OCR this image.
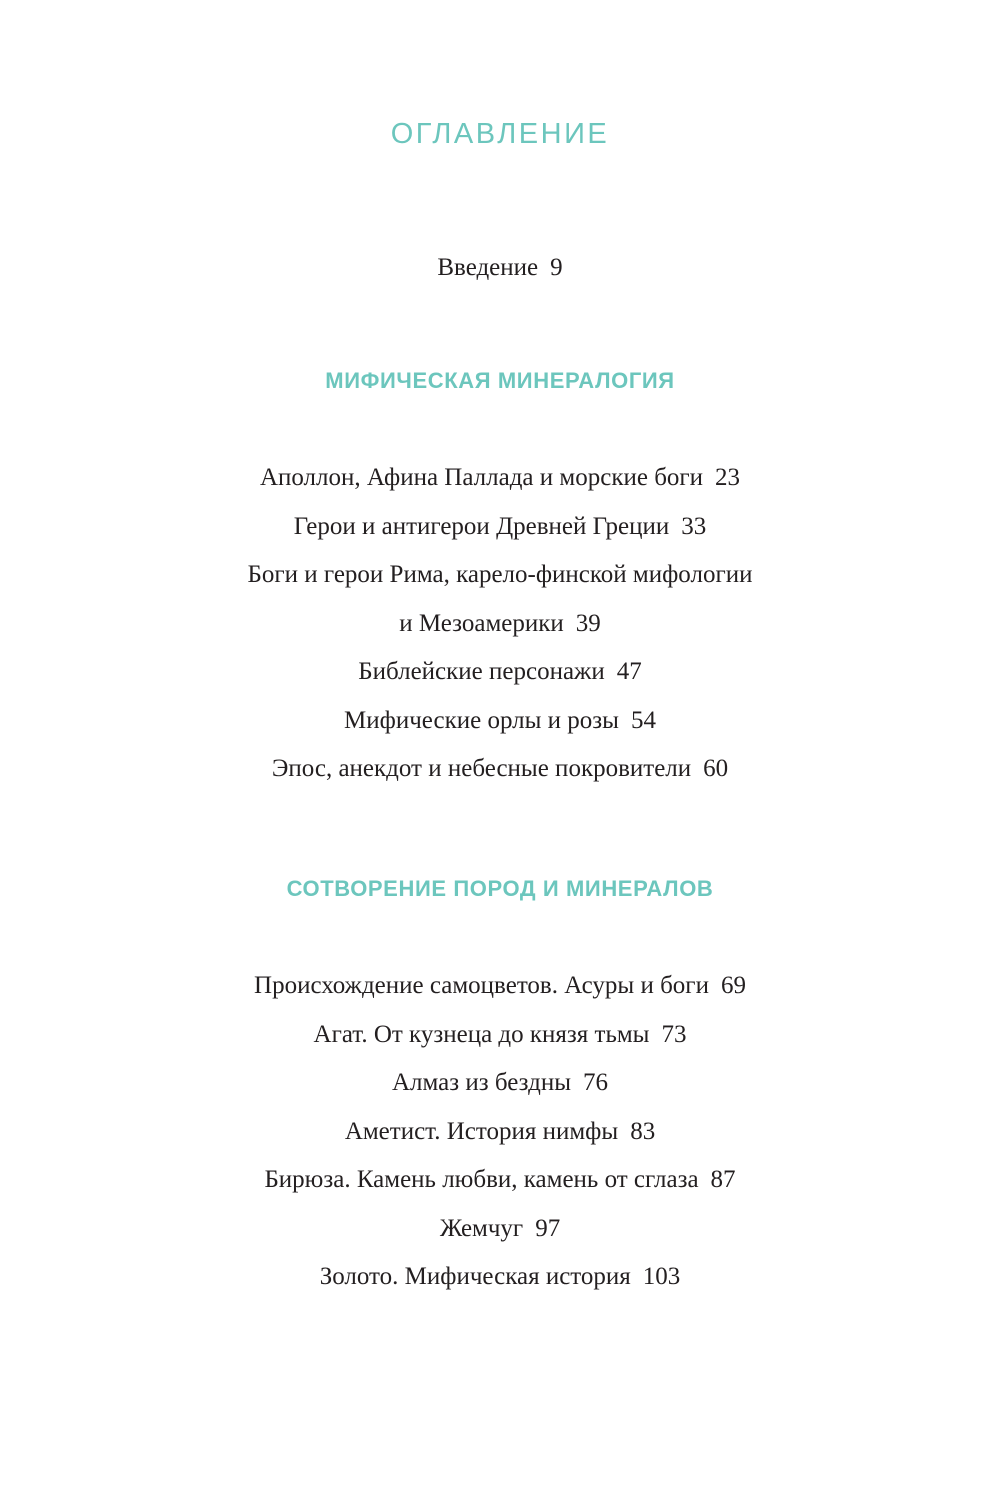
ОГЛАВЛЕНИЕ
Введение 9
МИФИЧЕСКАЯ МИНЕРАЛОГИЯ
Аполлон, Афина Паллада и морские боги 23
Герои и антигерои Древней Греции 33
Боги и герои Рима, карело-финской мифологии
и Мезоамерики 39
Библейские персонажи 47
Мифические орлы и розы 54
Эпос, анекдот и небесные покровители 60
СОТВОРЕНИЕ ПОРОД И МИНЕРАЛОВ
Происхождение самоцветов. Асуры и боги 69
Агат. От кузнеца до князя тьмы 73
Алмаз из бездны 76
Аметист. История нимфы 83
Бирюза. Камень любви, камень от сглаза 87
Жемчуг 97
Золото. Мифическая история 103
